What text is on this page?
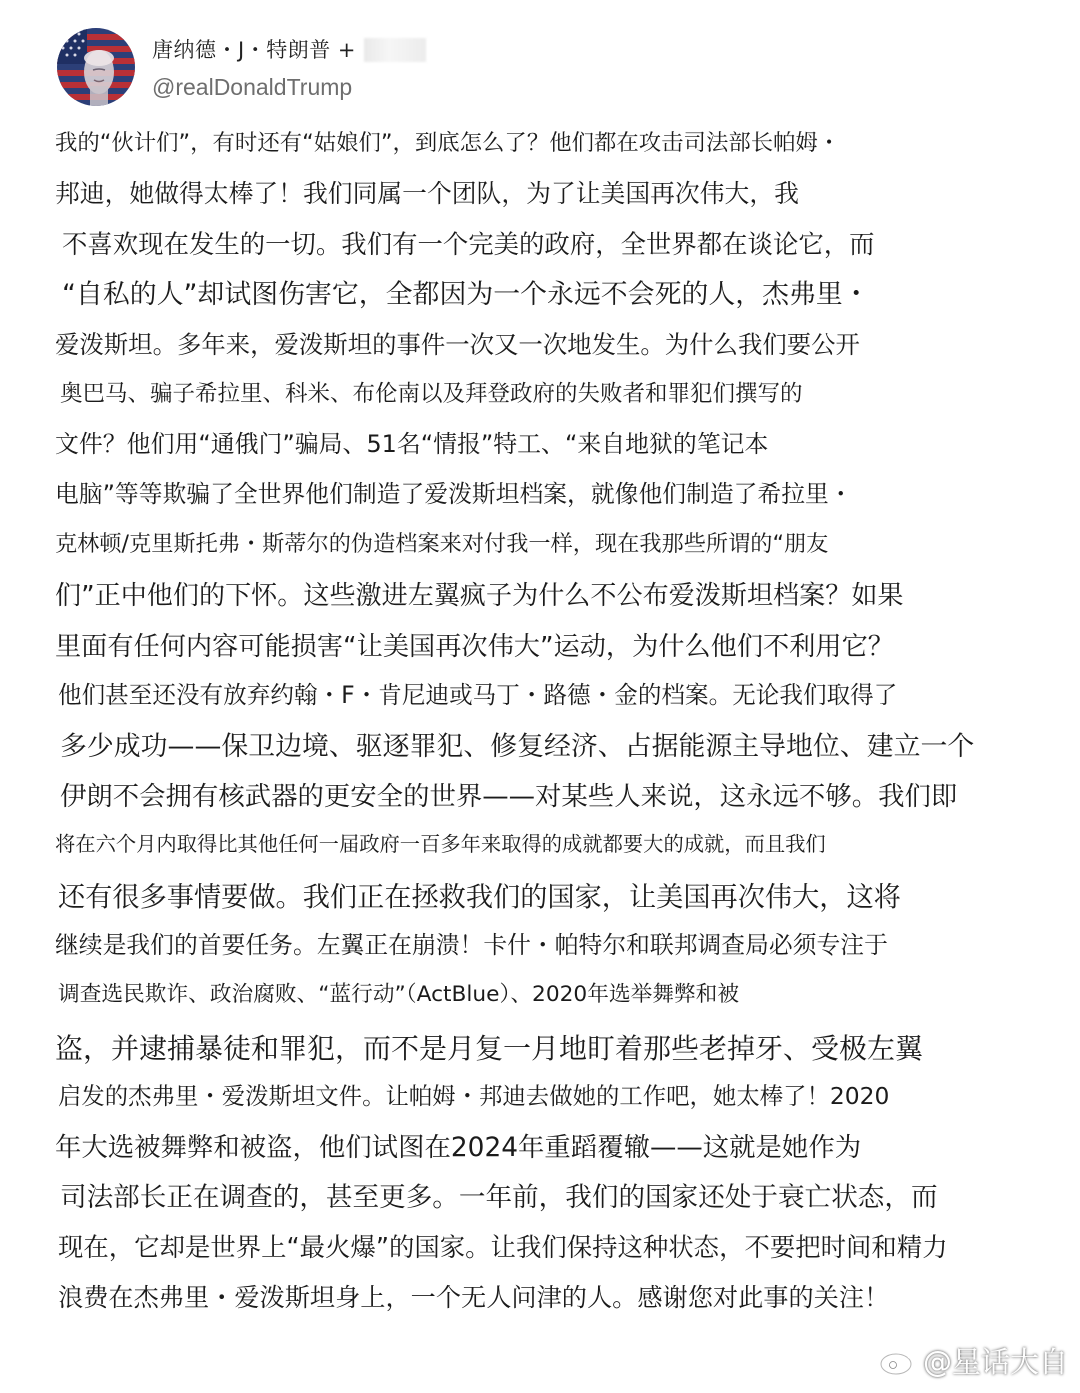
唐纳德・J・特朗普 +
@realDonaldTrump
我的“伙计们”，有时还有“姑娘们”，到底怎么了？他们都在攻击司法部长帕姆・
邦迪，她做得太棒了！我们同属一个团队，为了让美国再次伟大，我
不喜欢现在发生的一切。我们有一个完美的政府，全世界都在谈论它，而
“自私的人”却试图伤害它，全都因为一个永远不会死的人，杰弗里・
爱泼斯坦。多年来，爱泼斯坦的事件一次又一次地发生。为什么我们要公开
奥巴马、骗子希拉里、科米、布伦南以及拜登政府的失败者和罪犯们撰写的
文件？他们用“通俄门”骗局、51名“情报”特工、“来自地狱的笔记本
电脑”等等欺骗了全世界他们制造了爱泼斯坦档案，就像他们制造了希拉里・
克林顿/克里斯托弗・斯蒂尔的伪造档案来对付我一样，现在我那些所谓的“朋友
们”正中他们的下怀。这些激进左翼疯子为什么不公布爱泼斯坦档案？如果
里面有任何内容可能损害“让美国再次伟大”运动，为什么他们不利用它？
他们甚至还没有放弃约翰・F・肯尼迪或马丁・路德・金的档案。无论我们取得了
多少成功——保卫边境、驱逐罪犯、修复经济、占据能源主导地位、建立一个
伊朗不会拥有核武器的更安全的世界——对某些人来说，这永远不够。我们即
将在六个月内取得比其他任何一届政府一百多年来取得的成就都要大的成就，而且我们
还有很多事情要做。我们正在拯救我们的国家，让美国再次伟大，这将
继续是我们的首要任务。左翼正在崩溃！卡什・帕特尔和联邦调查局必须专注于
调查选民欺诈、政治腐败、“蓝行动”（ActBlue）、2020年选举舞弊和被
盗，并逮捕暴徒和罪犯，而不是月复一月地盯着那些老掉牙、受极左翼
启发的杰弗里・爱泼斯坦文件。让帕姆・邦迪去做她的工作吧，她太棒了！2020
年大选被舞弊和被盗，他们试图在2024年重蹈覆辙——这就是她作为
司法部长正在调查的，甚至更多。一年前，我们的国家还处于衰亡状态，而
现在，它却是世界上“最火爆”的国家。让我们保持这种状态，不要把时间和精力
浪费在杰弗里・爱泼斯坦身上，一个无人问津的人。感谢您对此事的关注！
@星话大自
